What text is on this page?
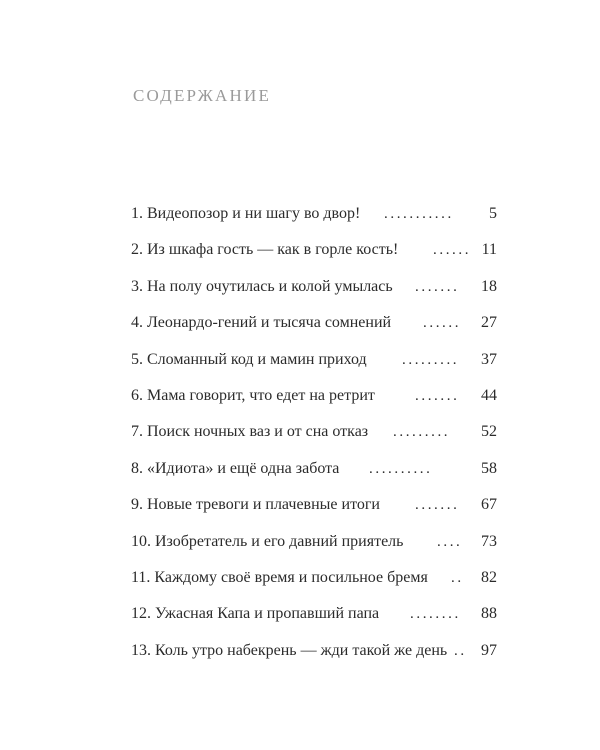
СОДЕРЖАНИЕ
1. Видеопозор и ни шагу во двор! ........... 5
2. Из шкафа гость — как в горле кость! ...... 11
3. На полу очутилась и колой умылась ....... 18
4. Леонардо-гений и тысяча сомнений ...... 27
5. Сломанный код и мамин приход ......... 37
6. Мама говорит, что едет на ретрит	....... 44
7. Поиск ночных ваз и от сна отказ ......... 52
8. «Идиота» и ещё одна забота ..........	58
9. Новые тревоги и плачевные итоги ....... 67
10. Изобретатель и его давний приятель .... 73
11. Каждому своё время и посильное бремя .. 82
12. Ужасная Капа и пропавший папа ........ 88
13. Коль утро набекрень — жди такой же день .. 97
